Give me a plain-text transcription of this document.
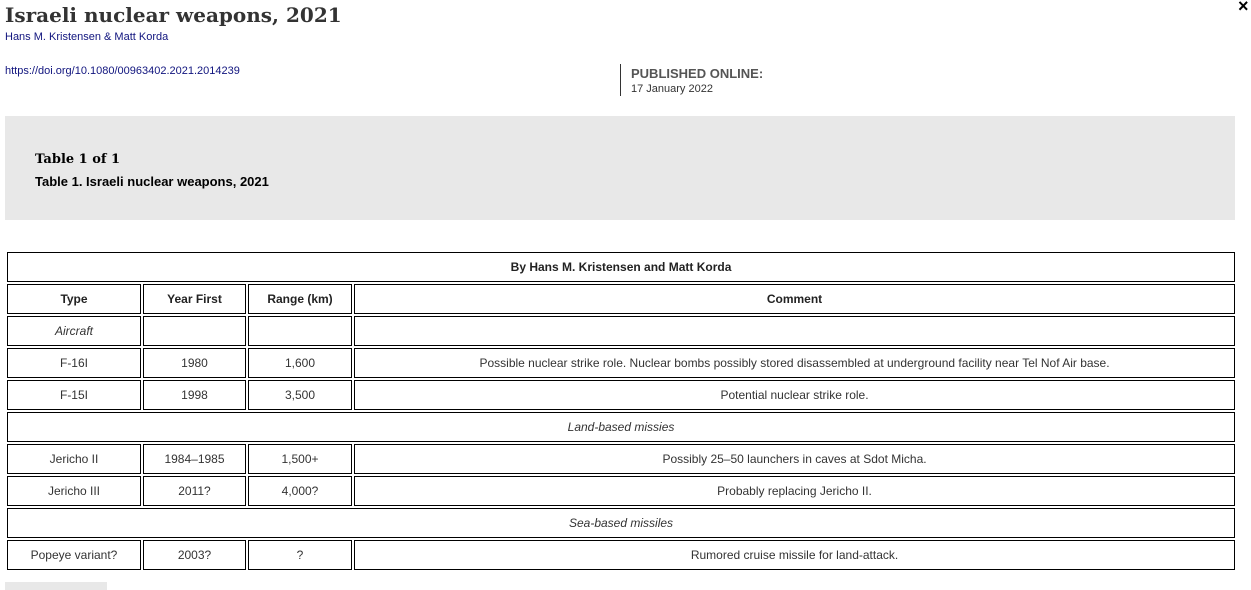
Israeli nuclear weapons, 2021
Hans M. Kristensen & Matt Korda
×
https://doi.org/10.1080/00963402.2021.2014239	PUBLISHED ONLINE:
17 January 2022
Table 1 of 1
Table 1. Israeli nuclear weapons, 2021
By Hans M. Kristensen and Matt Korda			
Type	Year First	Range (km)	Comment
Aircraft			
F-16I	1980	1,600	Possible nuclear strike role. Nuclear bombs possibly stored disassembled at underground facility near Tel Nof Air base.
F-15I	1998	3,500	Potential nuclear strike role.
Land-based missies			
Jericho II	1984–1985	1,500+	Possibly 25–50 launchers in caves at Sdot Micha.
Jericho III	2011?	4,000?	Probably replacing Jericho II.
Sea-based missiles			
Popeye variant?	2003?	?	Rumored cruise missile for land-attack.
